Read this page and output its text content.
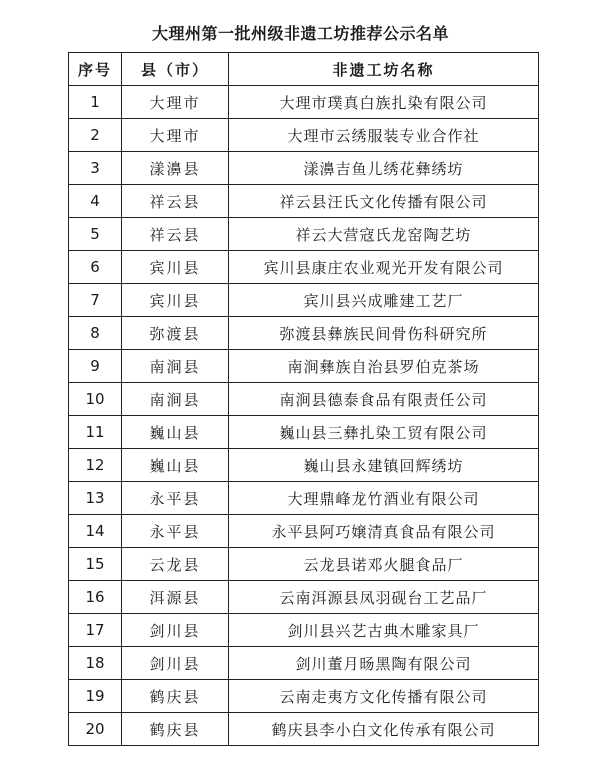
大理州第一批州级非遗工坊推荐公示名单
序号	县（市）	非遗工坊名称
1	大理市	大理市璞真白族扎染有限公司
2	大理市	大理市云绣服装专业合作社
3	漾濞县	漾濞吉鱼儿绣花彝绣坊
4	祥云县	祥云县汪氏文化传播有限公司
5	祥云县	祥云大营寇氏龙窑陶艺坊
6	宾川县	宾川县康庄农业观光开发有限公司
7	宾川县	宾川县兴成雕建工艺厂
8	弥渡县	弥渡县彝族民间骨伤科研究所
9	南涧县	南涧彝族自治县罗伯克茶场
10	南涧县	南涧县德泰食品有限责任公司
11	巍山县	巍山县三彝扎染工贸有限公司
12	巍山县	巍山县永建镇回辉绣坊
13	永平县	大理鼎峰龙竹酒业有限公司
14	永平县	永平县阿巧嬢清真食品有限公司
15	云龙县	云龙县诺邓火腿食品厂
16	洱源县	云南洱源县凤羽砚台工艺品厂
17	剑川县	剑川县兴艺古典木雕家具厂
18	剑川县	剑川董月旸黑陶有限公司
19	鹤庆县	云南走夷方文化传播有限公司
20	鹤庆县	鹤庆县李小白文化传承有限公司
